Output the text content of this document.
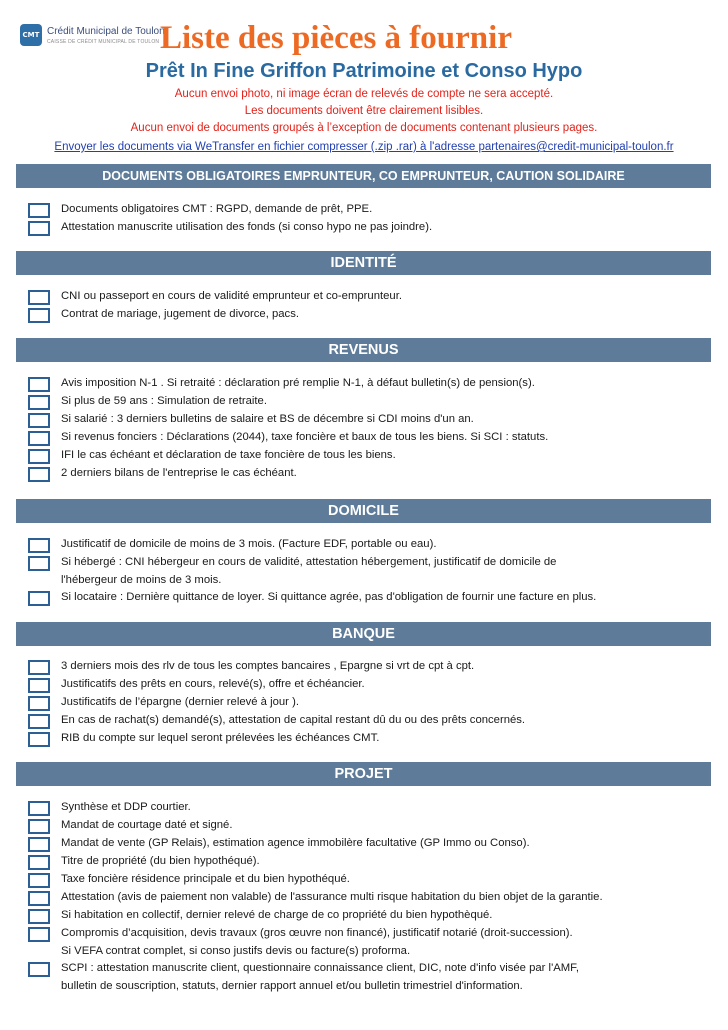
CMT Crédit Municipal de Toulon
CAISSE DE CRÉDIT MUNICIPAL DE TOULON Liste des pièces à fournir
Prêt In Fine Griffon Patrimoine et Conso Hypo
Aucun envoi photo, ni image écran de relevés de compte ne sera accepté.
Les documents doivent être clairement lisibles.
Aucun envoi de documents groupés à l’exception de documents contenant plusieurs pages.
Envoyer les documents via WeTransfer en fichier compresser (.zip .rar) à l'adresse partenaires@credit-municipal-toulon.fr
DOCUMENTS OBLIGATOIRES EMPRUNTEUR, CO EMPRUNTEUR, CAUTION SOLIDAIRE
Documents obligatoires CMT : RGPD, demande de prêt, PPE.
Attestation manuscrite utilisation des fonds (si conso hypo ne pas joindre).
IDENTITÉ
CNI ou passeport en cours de validité emprunteur et co-emprunteur.
Contrat de mariage, jugement de divorce, pacs.
REVENUS
Avis imposition N-1 . Si retraité : déclaration pré remplie N-1, à défaut bulletin(s) de pension(s).
Si plus de 59 ans : Simulation de retraite.
Si salarié : 3 derniers bulletins de salaire et BS de décembre si CDI moins d'un an.
Si revenus fonciers : Déclarations (2044), taxe foncière et baux de tous les biens. Si SCI : statuts.
IFI le cas échéant et déclaration de taxe foncière de tous les biens.
2 derniers bilans de l'entreprise le cas échéant.
DOMICILE
Justificatif de domicile de moins de 3 mois. (Facture EDF, portable ou eau).
Si hébergé : CNI hébergeur en cours de validité, attestation hébergement, justificatif de domicile de
l'hébergeur de moins de 3 mois.
Si locataire : Dernière quittance de loyer. Si quittance agrée, pas d'obligation de fournir une facture en plus.
BANQUE
3 derniers mois des rlv de tous les comptes bancaires , Epargne si vrt de cpt à cpt.
Justificatifs des prêts en cours, relevé(s), offre et échéancier.
Justificatifs de l’épargne (dernier relevé à jour ).
En cas de rachat(s) demandé(s), attestation de capital restant dû du ou des prêts concernés.
RIB du compte sur lequel seront prélevées les échéances CMT.
PROJET
Synthèse et DDP courtier.
Mandat de courtage daté et signé.
Mandat de vente (GP Relais), estimation agence immobilère facultative (GP Immo ou Conso).
Titre de propriété (du bien hypothéqué).
Taxe foncière résidence principale et du bien hypothéqué.
Attestation (avis de paiement non valable) de l'assurance multi risque habitation du bien objet de la garantie.
Si habitation en collectif, dernier relevé de charge de co propriété du bien hypothèqué.
Compromis d’acquisition, devis travaux (gros œuvre non financé), justificatif notarié (droit-succession).
Si VEFA contrat complet, si conso justifs devis ou facture(s) proforma.
SCPI : attestation manuscrite client, questionnaire connaissance client, DIC, note d'info visée par l'AMF,
bulletin de souscription, statuts, dernier rapport annuel et/ou bulletin trimestriel d'information.
